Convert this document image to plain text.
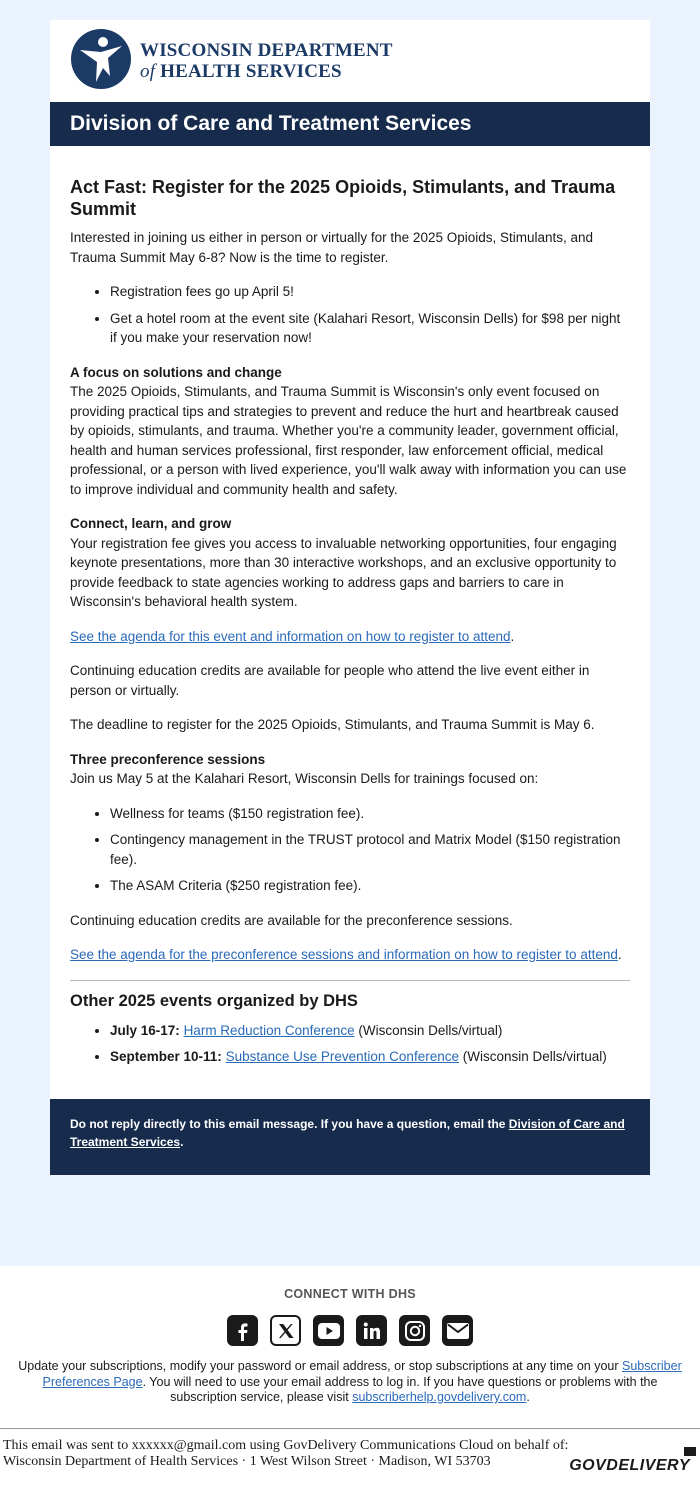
WISCONSIN DEPARTMENT
of HEALTH SERVICES
Division of Care and Treatment Services
Act Fast: Register for the 2025 Opioids, Stimulants, and Trauma Summit

Interested in joining us either in person or virtually for the 2025 Opioids, Stimulants, and Trauma Summit May 6-8? Now is the time to register.

• Registration fees go up April 5!
• Get a hotel room at the event site (Kalahari Resort, Wisconsin Dells) for $98 per night if you make your reservation now!

A focus on solutions and change
The 2025 Opioids, Stimulants, and Trauma Summit is Wisconsin's only event focused on providing practical tips and strategies to prevent and reduce the hurt and heartbreak caused by opioids, stimulants, and trauma. Whether you're a community leader, government official, health and human services professional, first responder, law enforcement official, medical professional, or a person with lived experience, you'll walk away with information you can use to improve individual and community health and safety.

Connect, learn, and grow
Your registration fee gives you access to invaluable networking opportunities, four engaging keynote presentations, more than 30 interactive workshops, and an exclusive opportunity to provide feedback to state agencies working to address gaps and barriers to care in Wisconsin's behavioral health system.

See the agenda for this event and information on how to register to attend.

Continuing education credits are available for people who attend the live event either in person or virtually.

The deadline to register for the 2025 Opioids, Stimulants, and Trauma Summit is May 6.

Three preconference sessions
Join us May 5 at the Kalahari Resort, Wisconsin Dells for trainings focused on:

• Wellness for teams ($150 registration fee).
• Contingency management in the TRUST protocol and Matrix Model ($150 registration fee).
• The ASAM Criteria ($250 registration fee).

Continuing education credits are available for the preconference sessions.

See the agenda for the preconference sessions and information on how to register to attend.

Other 2025 events organized by DHS
• July 16-17: Harm Reduction Conference (Wisconsin Dells/virtual)
• September 10-11: Substance Use Prevention Conference (Wisconsin Dells/virtual)
Do not reply directly to this email message. If you have a question, email the Division of Care and Treatment Services.
CONNECT WITH DHS
Update your subscriptions, modify your password or email address, or stop subscriptions at any time on your Subscriber Preferences Page. You will need to use your email address to log in. If you have questions or problems with the subscription service, please visit subscriberhelp.govdelivery.com.
This email was sent to xxxxxx@gmail.com using GovDelivery Communications Cloud on behalf of: Wisconsin Department of Health Services · 1 West Wilson Street · Madison, WI 53703	GOVDELIVERY
